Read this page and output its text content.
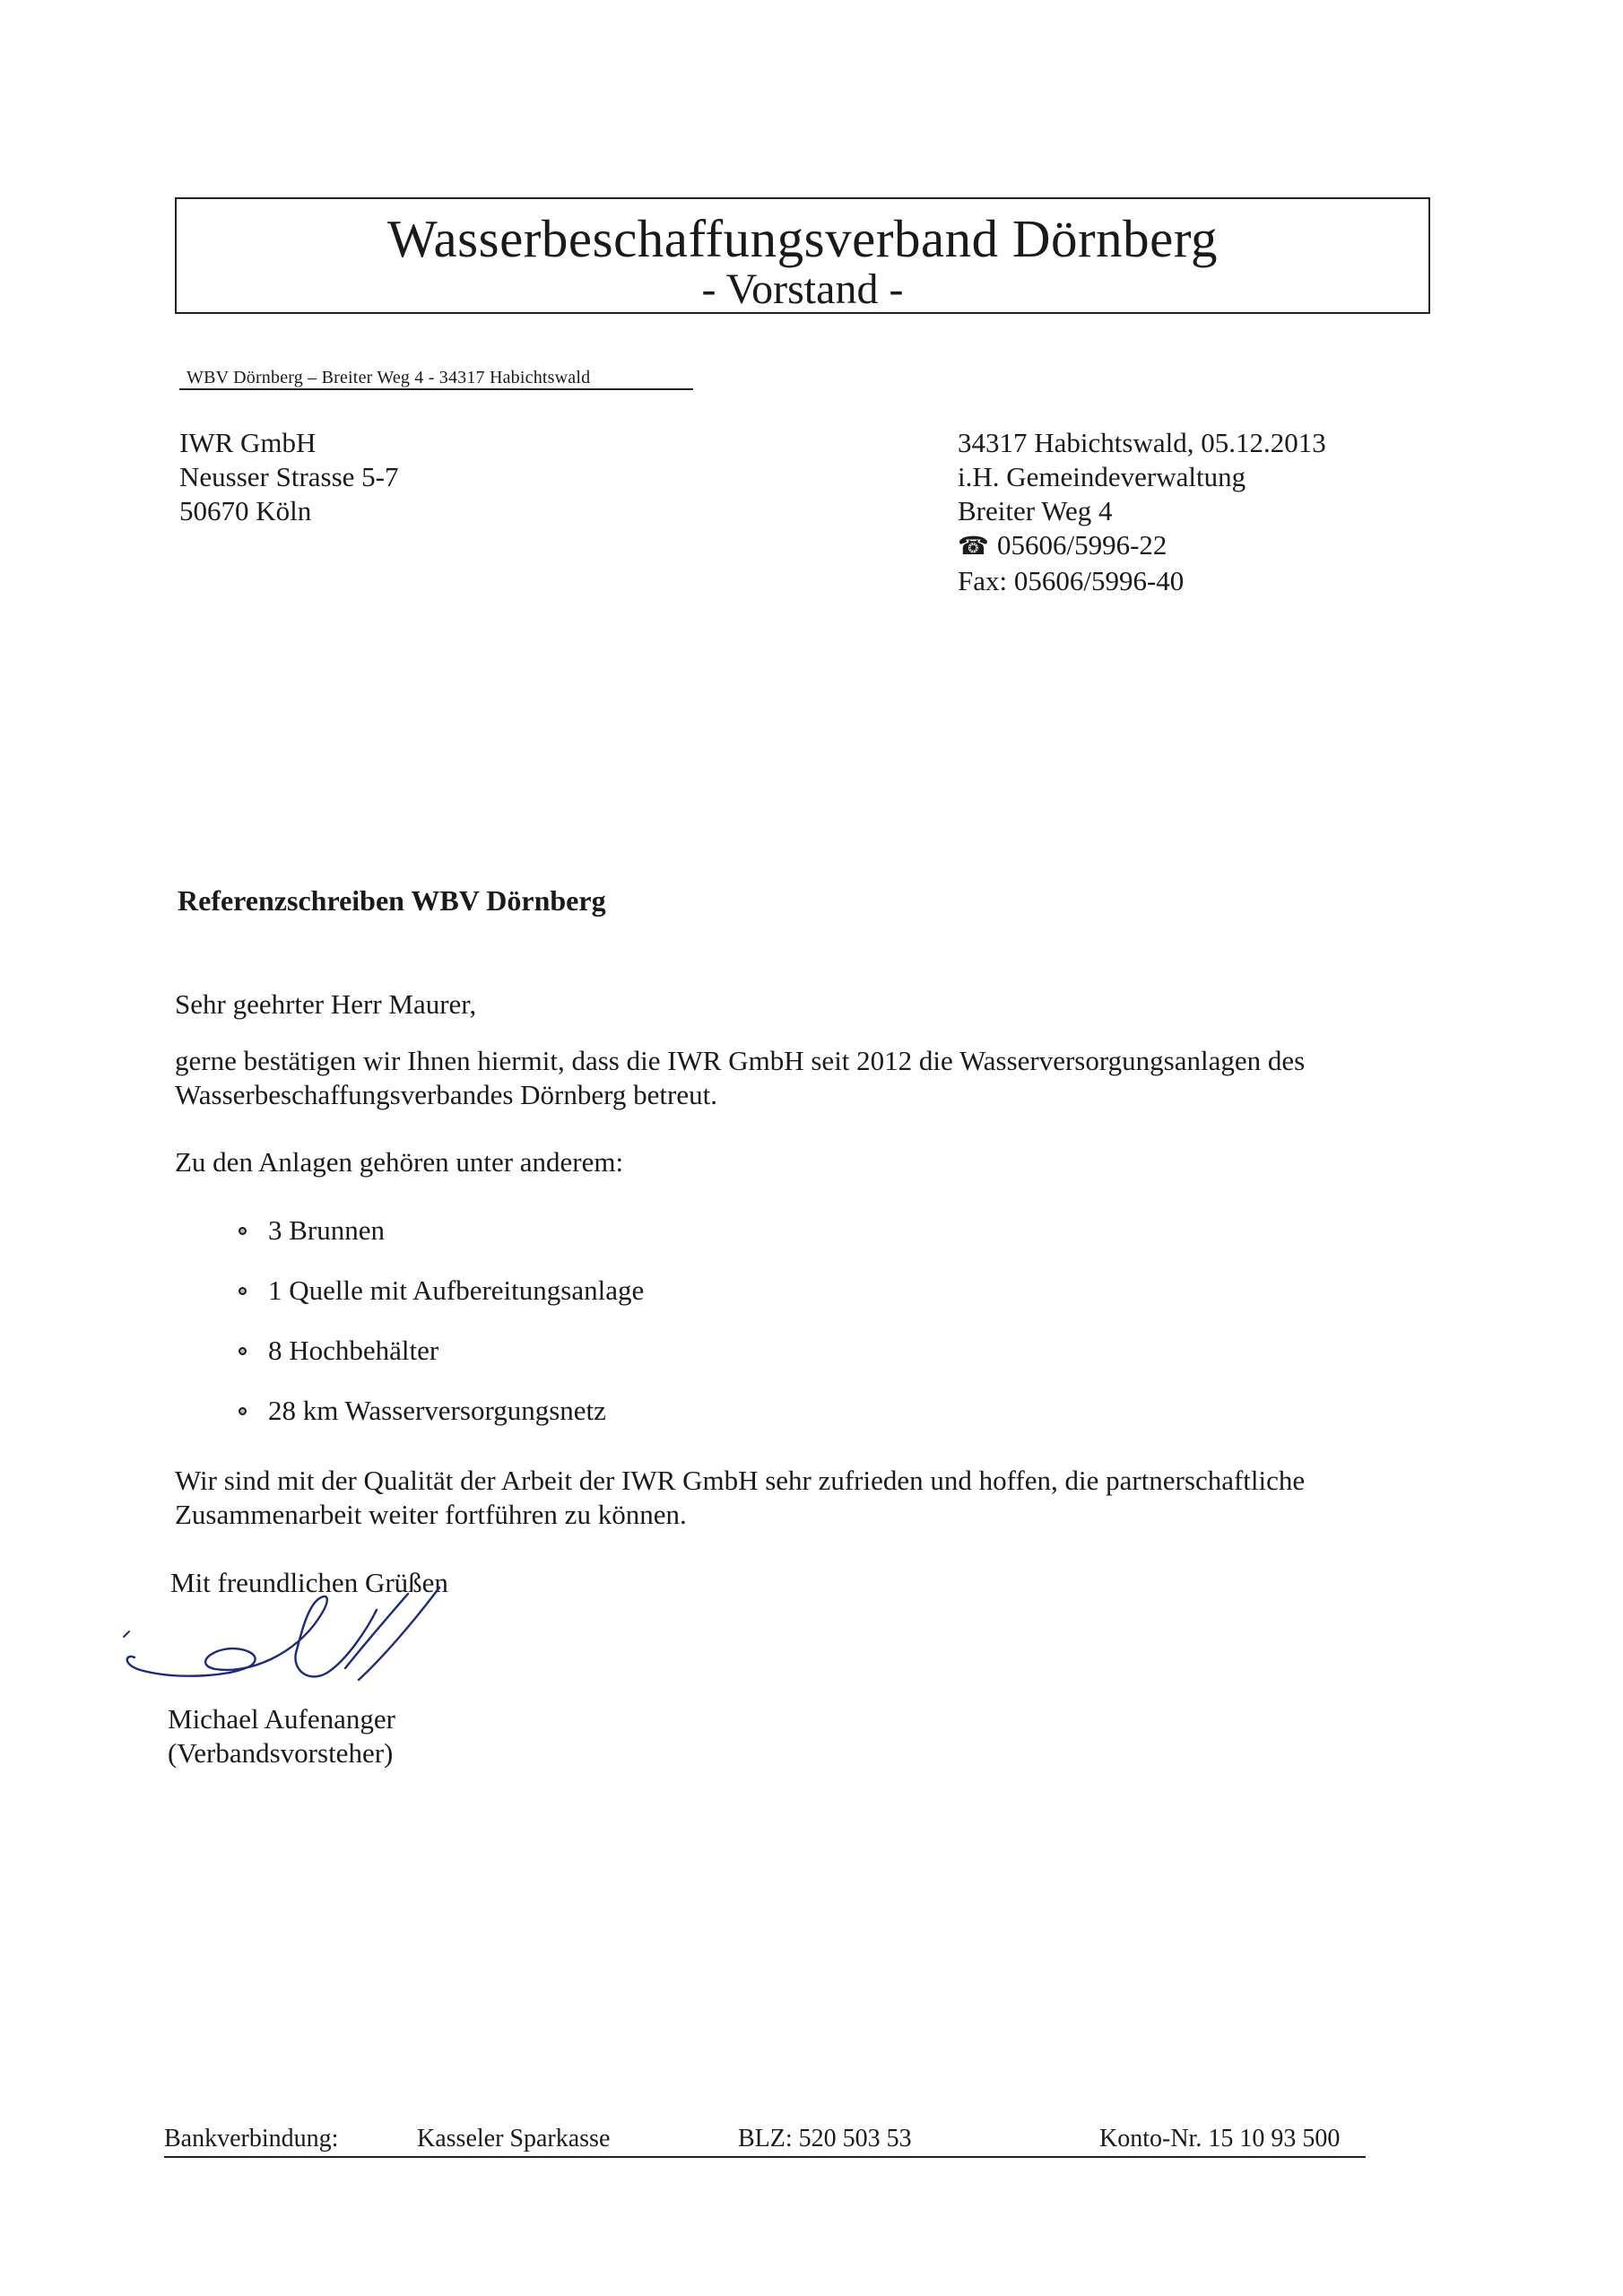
Wasserbeschaffungsverband Dörnberg
- Vorstand -
WBV Dörnberg – Breiter Weg 4 - 34317 Habichtswald
IWR GmbH
Neusser Strasse 5-7
50670 Köln
34317 Habichtswald, 05.12.2013
i.H. Gemeindeverwaltung
Breiter Weg 4
☎ 05606/5996-22
Fax: 05606/5996-40
Referenzschreiben WBV Dörnberg
Sehr geehrter Herr Maurer,
gerne bestätigen wir Ihnen hiermit, dass die IWR GmbH seit 2012 die Wasserversorgungsanlagen des Wasserbeschaffungsverbandes Dörnberg betreut.
Zu den Anlagen gehören unter anderem:
3 Brunnen
1 Quelle mit Aufbereitungsanlage
8 Hochbehälter
28 km Wasserversorgungsnetz
Wir sind mit der Qualität der Arbeit der IWR GmbH sehr zufrieden und hoffen, die partnerschaftliche Zusammenarbeit weiter fortführen zu können.
Mit freundlichen Grüßen
Michael Aufenanger
(Verbandsvorsteher)
Bankverbindung:	Kasseler Sparkasse	BLZ: 520 503 53	Konto-Nr. 15 10 93 500
